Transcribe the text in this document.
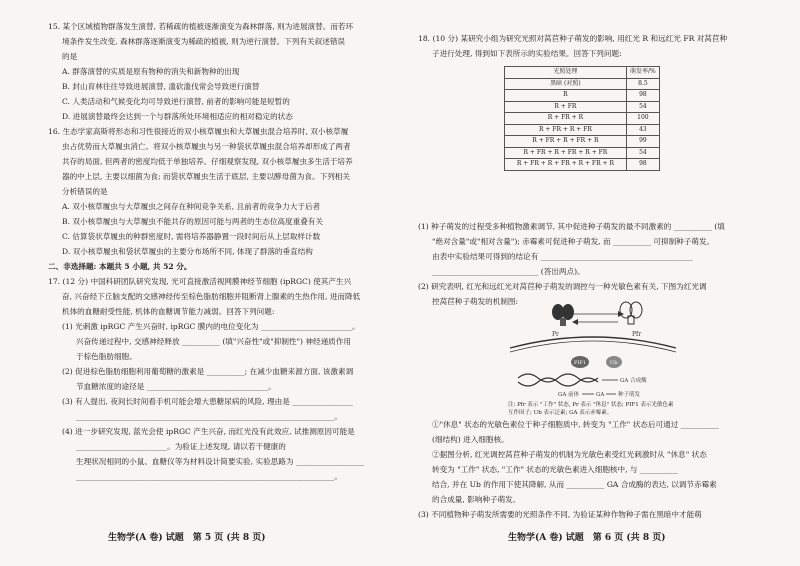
15. 某个区域植物群落发生演替, 若稀疏的植被逐渐演变为森林群落, 则为进展演替。而若环
境条件发生改变, 森林群落逐渐演变为稀疏的植被, 则为逆行演替。下列有关叙述错误
的是
A. 群落演替的实质是原有物种的消失和新物种的出现
B. 封山育林往往导致进展演替, 滥砍滥伐常会导致逆行演替
C. 人类活动和气候变化均可导致逆行演替, 前者的影响可能是短暂的
D. 进展演替最终会达到一个与群落所处环境相适应的相对稳定的状态
16. 生态学家高斯将形态和习性很接近的双小核草履虫和大草履虫混合培养时, 双小核草履
虫占优势而大草履虫消亡。将双小核草履虫与另一种袋状草履虫混合培养却形成了两者
共存的局面, 但两者的密度均低于单独培养。仔细观察发现, 双小核草履虫多生活于培养
器的中上层, 主要以细菌为食; 而袋状草履虫生活于底层, 主要以酵母菌为食。下列相关
分析错误的是
A. 双小核草履虫与大草履虫之间存在种间竞争关系, 且前者的竞争力大于后者
B. 双小核草履虫与大草履虫不能共存的原因可能与两者的生态位高度重叠有关
C. 估算袋状草履虫的种群密度时, 需将培养器静置一段时间后从上层取样计数
D. 双小核草履虫和袋状草履虫的主要分布场所不同, 体现了群落的垂直结构
二、非选择题: 本题共 5 小题, 共 52 分。
17. (12 分) 中国科研团队研究发现, 光可直接激活视网膜神经节细胞 (ipRGC) 使其产生兴
奋, 兴奋经下丘脑支配的交感神经传至棕色脂肪细胞并阻断肾上腺素的生热作用, 进而降低
机体的血糖耐受性能, 机体的血糖调节能力减弱。回答下列问题:
(1) 光刺激 ipRGC 产生兴奋时, ipRGC 膜内的电位变化为 ________________________。
兴奋传递过程中, 交感神经释放 __________ (填"兴奋性"或"抑制性") 神经递质作用
于棕色脂肪细胞。
(2) 促进棕色脂肪细胞利用葡萄糖的激素是 __________; 在减少血糖来源方面, 该激素调
节血糖浓度的途径是 ________________________________。
(3) 有人提出, 夜间长时间看手机可能会增大患糖尿病的风险, 理由是 ________________
____________________________________________________________________。
(4) 进一步研究发现, 蓝光会使 ipRGC 产生兴奋, 而红光没有此效应, 试推测原因可能是
________________________。为验证上述发现, 请以若干健康的
生理状况相同的小鼠、血糖仪等为材料设计简要实验, 实验思路为 __________________
____________________________________________________________________。
生物学(A 卷) 试题　第 5 页 (共 8 页)
18. (10 分) 某研究小组为研究光照对莴苣种子萌发的影响, 用红光 R 和远红光 FR 对莴苣种
子进行处理, 得到如下表所示的实验结果。回答下列问题:
光照处理	萌发率/%
黑暗 (对照)	8.5
R	98
R + FR	54
R + FR + R	100
R + FR + R + FR	43
R + FR + R + FR + R	99
R + FR + R + FR + R + FR	54
R + FR + R + FR + R + FR + R	98
(1) 种子萌发的过程受多种植物激素调节, 其中促进种子萌发的最不同激素的 __________ (填
"绝对含量"或"相对含量"); 赤霉素可促进种子萌发, 而 __________ 可抑制种子萌发。
由表中实验结果可得到的结论有 ________________________________________
____________________________ (答出两点)。
(2) 研究表明, 红光和远红光对莴苣种子萌发的调控与一种光敏色素有关, 下图为红光调
控莴苣种子萌发的机制图:
Pr	Pfr
PIF1	Ub
GA 合成酶
GA 前体	GA 种子萌发
注: Pfr 表示 "工作" 状态, Pr 表示 "休息" 状态; PIF1 表示光敏色素
互作因子; Ub 表示泛素; GA 表示赤霉素。
①"休息" 状态的光敏色素位于种子细胞质中, 转变为 "工作" 状态后可通过 __________
(细结构) 进入细胞核。
②据图分析, 红光调控莴苣种子萌发的机制为光敏色素受红光刺激时从 "休息" 状态
转变为 "工作" 状态, "工作" 状态的光敏色素进入细胞核中, 与 __________
结合, 并在 Ub 的作用下使其降解, 从而 __________ GA 合成酶的表达, 以调节赤霉素
的合成量, 影响种子萌发。
(3) 不同植物种子萌发所需要的光照条件不同, 为验证某种作物种子需在黑暗中才能萌
生物学(A 卷) 试题　第 6 页 (共 8 页)
